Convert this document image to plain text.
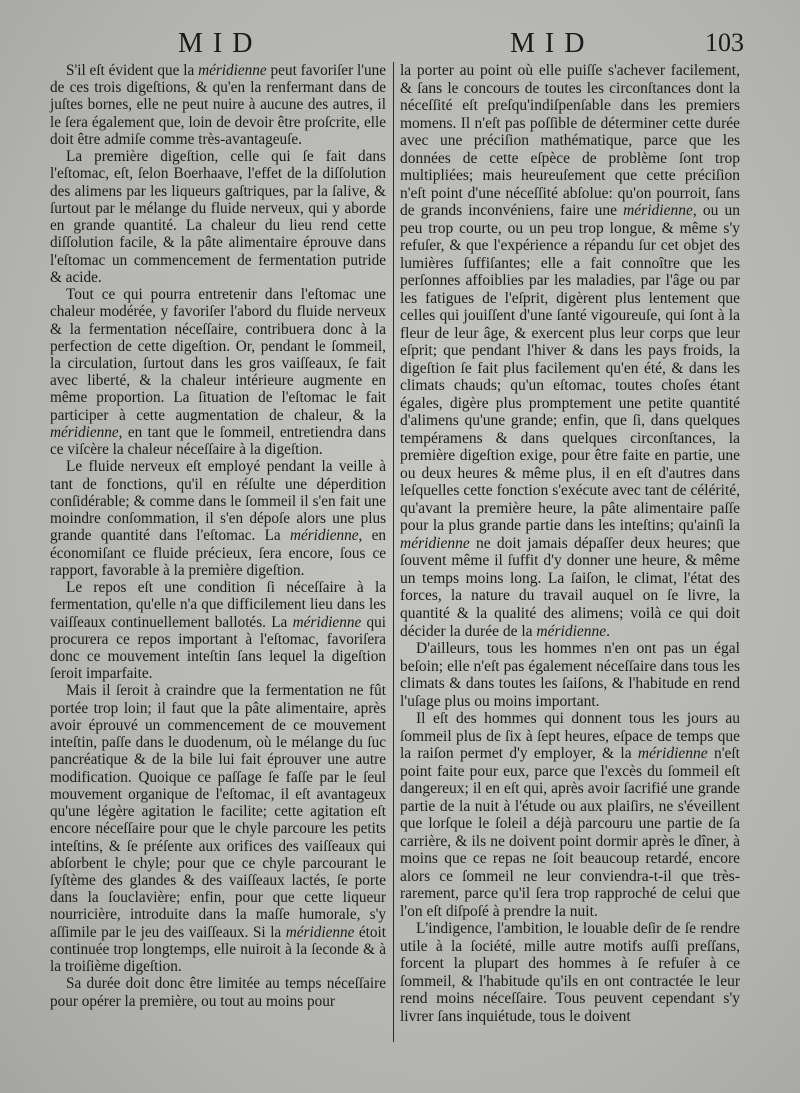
MID	MID	103

S'il eſt évident que la méridienne peut favoriſer l'une de ces trois digeſtions, & qu'en la renfermant dans de juſtes bornes, elle ne peut nuire à aucune des autres, il le ſera également que, loin de devoir être proſcrite, elle doit être admiſe comme très-avantageuſe.

La première digeſtion, celle qui ſe fait dans l'eſtomac, eſt, ſelon Boerhaave, l'effet de la diſſolution des alimens par les liqueurs gaſtriques, par la ſalive, & ſurtout par le mélange du fluide nerveux, qui y aborde en grande quantité. La chaleur du lieu rend cette diſſolution facile, & la pâte alimentaire éprouve dans l'eſtomac un commencement de fermentation putride & acide.

Tout ce qui pourra entretenir dans l'eſtomac une chaleur modérée, y favoriſer l'abord du fluide nerveux & la fermentation néceſſaire, contribuera donc à la perfection de cette digeſtion. Or, pendant le ſommeil, la circulation, ſurtout dans les gros vaiſſeaux, ſe fait avec liberté, & la chaleur intérieure augmente en même proportion. La ſituation de l'eſtomac le fait participer à cette augmentation de chaleur, & la méridienne, en tant que le ſommeil, entretiendra dans ce viſcère la chaleur néceſſaire à la digeſtion.

Le fluide nerveux eſt employé pendant la veille à tant de fonctions, qu'il en réſulte une déperdition conſidérable; & comme dans le ſommeil il s'en fait une moindre conſommation, il s'en dépoſe alors une plus grande quantité dans l'eſtomac. La méridienne, en économiſant ce fluide précieux, ſera encore, ſous ce rapport, favorable à la première digeſtion.

Le repos eſt une condition ſi néceſſaire à la fermentation, qu'elle n'a que difficilement lieu dans les vaiſſeaux continuellement ballotés. La méridienne qui procurera ce repos important à l'eſtomac, favoriſera donc ce mouvement inteſtin ſans lequel la digeſtion ſeroit imparfaite.

Mais il ſeroit à craindre que la fermentation ne fût portée trop loin; il faut que la pâte alimentaire, après avoir éprouvé un commencement de ce mouvement inteſtin, paſſe dans le duodenum, où le mélange du ſuc pancréatique & de la bile lui fait éprouver une autre modification. Quoique ce paſſage ſe faſſe par le ſeul mouvement organique de l'eſtomac, il eſt avantageux qu'une légère agitation le facilite; cette agitation eſt encore néceſſaire pour que le chyle parcoure les petits inteſtins, & ſe préſente aux orifices des vaiſſeaux qui abſorbent le chyle; pour que ce chyle parcourant le ſyſtème des glandes & des vaiſſeaux lactés, ſe porte dans la ſouclavière; enfin, pour que cette liqueur nourricière, introduite dans la maſſe humorale, s'y aſſimile par le jeu des vaiſſeaux. Si la méridienne étoit continuée trop longtemps, elle nuiroit à la ſeconde & à la troiſième digeſtion.

Sa durée doit donc être limitée au temps néceſſaire pour opérer la première, ou tout au moins pour

la porter au point où elle puiſſe s'achever facilement, & ſans le concours de toutes les circonſtances dont la néceſſité eſt preſqu'indiſpenſable dans les premiers momens. Il n'eſt pas poſſible de déterminer cette durée avec une préciſion mathématique, parce que les données de cette eſpèce de problème ſont trop multipliées; mais heureuſement que cette préciſion n'eſt point d'une néceſſité abſolue: qu'on pourroit, ſans de grands inconvéniens, faire une méridienne, ou un peu trop courte, ou un peu trop longue, & même s'y refuſer, & que l'expérience a répandu ſur cet objet des lumières ſuffiſantes; elle a fait connoître que les perſonnes affoiblies par les maladies, par l'âge ou par les fatigues de l'eſprit, digèrent plus lentement que celles qui jouiſſent d'une ſanté vigoureuſe, qui ſont à la fleur de leur âge, & exercent plus leur corps que leur eſprit; que pendant l'hiver & dans les pays froids, la digeſtion ſe fait plus facilement qu'en été, & dans les climats chauds; qu'un eſtomac, toutes choſes étant égales, digère plus promptement une petite quantité d'alimens qu'une grande; enfin, que ſi, dans quelques tempéramens & dans quelques circonſtances, la première digeſtion exige, pour être faite en partie, une ou deux heures & même plus, il en eſt d'autres dans leſquelles cette fonction s'exécute avec tant de célérité, qu'avant la première heure, la pâte alimentaire paſſe pour la plus grande partie dans les inteſtins; qu'ainſi la méridienne ne doit jamais dépaſſer deux heures; que ſouvent même il ſuffit d'y donner une heure, & même un temps moins long. La ſaiſon, le climat, l'état des forces, la nature du travail auquel on ſe livre, la quantité & la qualité des alimens; voilà ce qui doit décider la durée de la méridienne.

D'ailleurs, tous les hommes n'en ont pas un égal beſoin; elle n'eſt pas également néceſſaire dans tous les climats & dans toutes les ſaiſons, & l'habitude en rend l'uſage plus ou moins important.

Il eſt des hommes qui donnent tous les jours au ſommeil plus de ſix à ſept heures, eſpace de temps que la raiſon permet d'y employer, & la méridienne n'eſt point faite pour eux, parce que l'excès du ſommeil eſt dangereux; il en eſt qui, après avoir ſacrifié une grande partie de la nuit à l'étude ou aux plaiſirs, ne s'éveillent que lorſque le ſoleil a déjà parcouru une partie de ſa carrière, & ils ne doivent point dormir après le dîner, à moins que ce repas ne ſoit beaucoup retardé, encore alors ce ſommeil ne leur conviendra-t-il que très-rarement, parce qu'il ſera trop rapproché de celui que l'on eſt diſpoſé à prendre la nuit.

L'indigence, l'ambition, le louable deſir de ſe rendre utile à la ſociété, mille autre motifs auſſi preſſans, forcent la plupart des hommes à ſe refuſer à ce ſommeil, & l'habitude qu'ils en ont contractée le leur rend moins néceſſaire. Tous peuvent cependant s'y livrer ſans inquiétude, tous le doivent
